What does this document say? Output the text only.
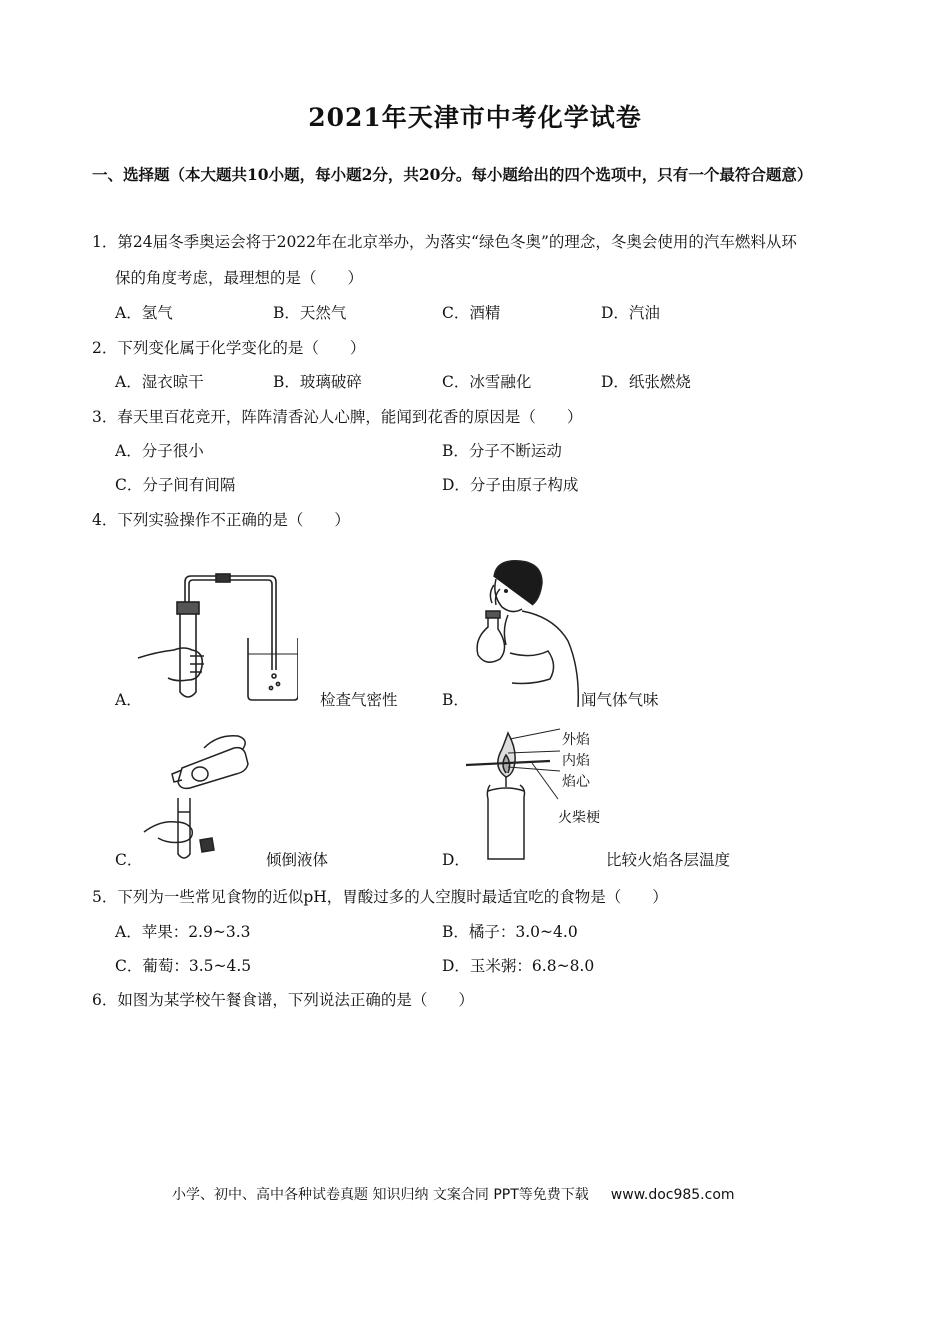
2021年天津市中考化学试卷
一、选择题（本大题共10小题，每小题2分，共20分。每小题给出的四个选项中，只有一个最符合题意）
1．第24届冬季奥运会将于2022年在北京举办，为落实“绿色冬奥”的理念，冬奥会使用的汽车燃料从环
保的角度考虑，最理想的是（　　）
A．氢气	B．天然气	C．酒精	D．汽油
2．下列变化属于化学变化的是（　　）
A．湿衣晾干	B．玻璃破碎	C．冰雪融化	D．纸张燃烧
3．春天里百花竞开，阵阵清香沁人心脾，能闻到花香的原因是（　　）
A．分子很小	B．分子不断运动
C．分子间有间隔	D．分子由原子构成
4．下列实验操作不正确的是（　　）
A．	检查气密性	B．	闻气体气味
C．	倾倒液体
外焰
内焰
焰心
火柴梗
D．	比较火焰各层温度
5．下列为一些常见食物的近似pH，胃酸过多的人空腹时最适宜吃的食物是（　　）
A．苹果：2.9~3.3	B．橘子：3.0~4.0
C．葡萄：3.5~4.5	D．玉米粥：6.8~8.0
6．如图为某学校午餐食谱，下列说法正确的是（　　）
小学、初中、高中各种试卷真题 知识归纳 文案合同 PPT等免费下载 www.doc985.com
